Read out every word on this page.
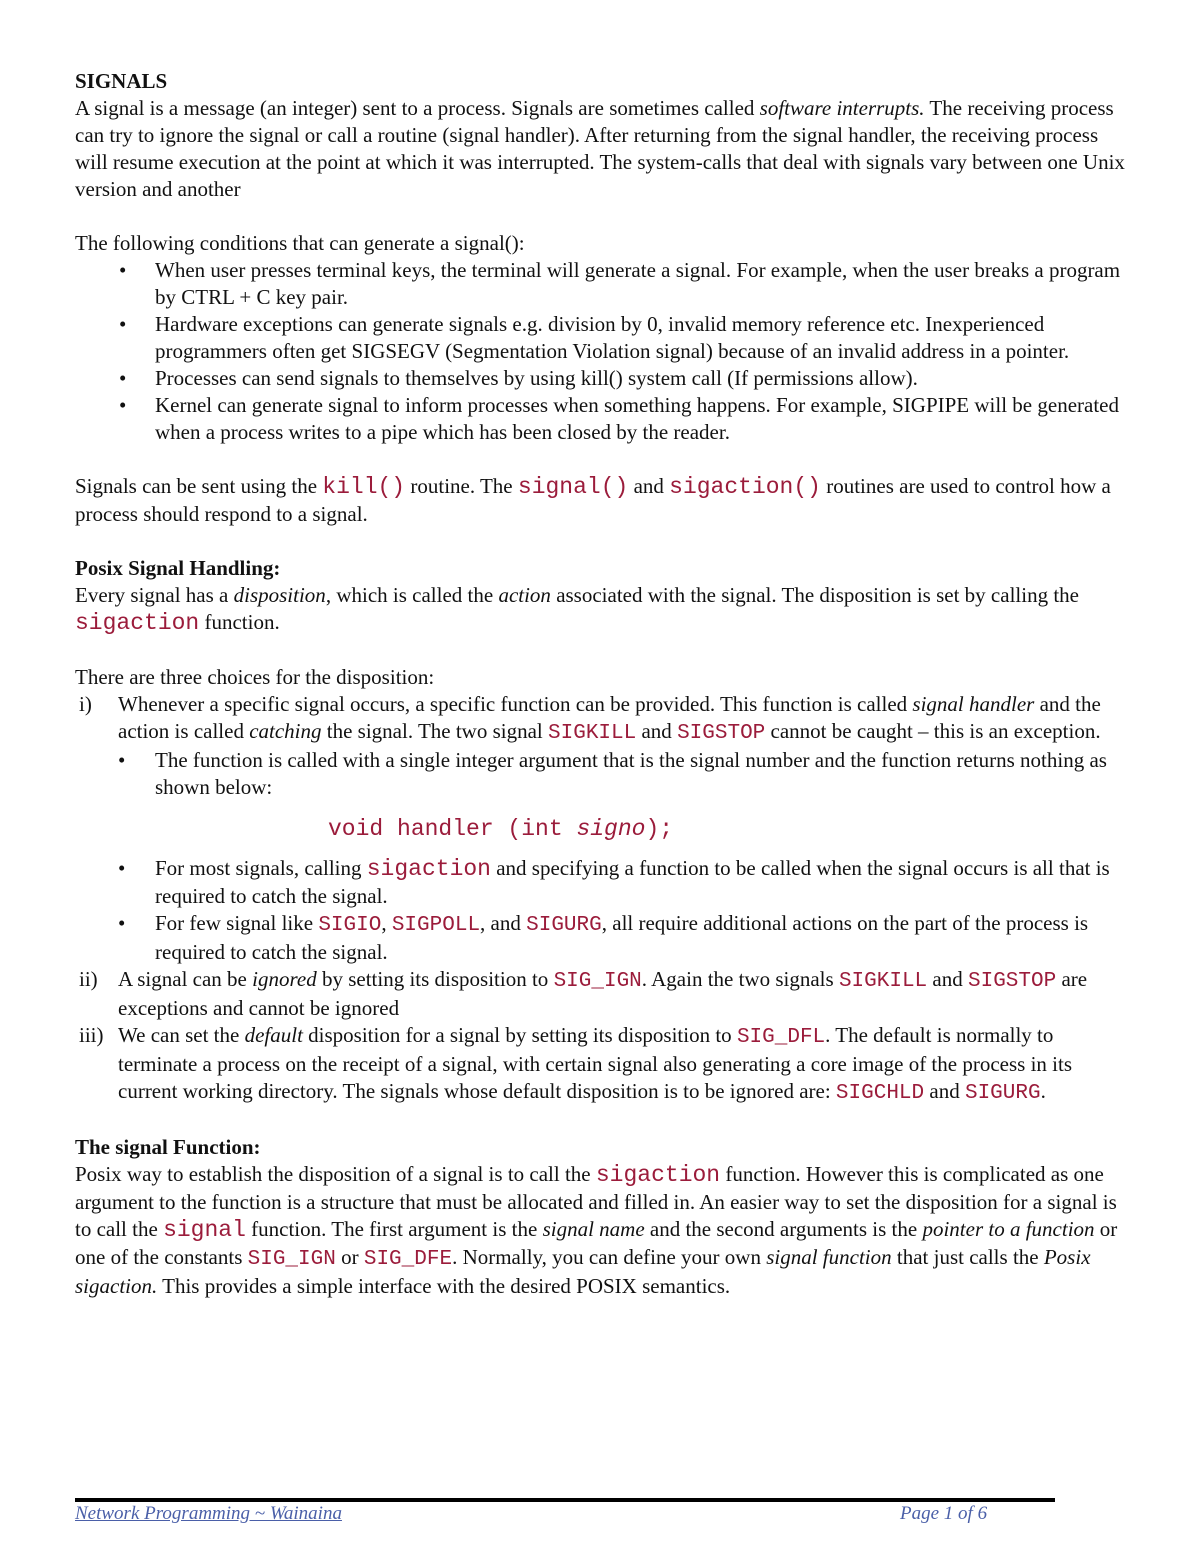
SIGNALS

A signal is a message (an integer) sent to a process. Signals are sometimes called software interrupts. The receiving process can try to ignore the signal or call a routine (signal handler). After returning from the signal handler, the receiving process will resume execution at the point at which it was interrupted. The system-calls that deal with signals vary between one Unix version and another

The following conditions that can generate a signal():

• When user presses terminal keys, the terminal will generate a signal. For example, when the user breaks a program by CTRL + C key pair.
• Hardware exceptions can generate signals e.g. division by 0, invalid memory reference etc. Inexperienced programmers often get SIGSEGV (Segmentation Violation signal) because of an invalid address in a pointer.
• Processes can send signals to themselves by using kill() system call (If permissions allow).
• Kernel can generate signal to inform processes when something happens. For example, SIGPIPE will be generated when a process writes to a pipe which has been closed by the reader.

Signals can be sent using the kill() routine. The signal() and sigaction() routines are used to control how a process should respond to a signal.

Posix Signal Handling:

Every signal has a disposition, which is called the action associated with the signal. The disposition is set by calling the sigaction function.

There are three choices for the disposition:

i)	Whenever a specific signal occurs, a specific function can be provided. This function is called signal handler and the action is called catching the signal. The two signal SIGKILL and SIGSTOP cannot be caught – this is an exception.
• The function is called with a single integer argument that is the signal number and the function returns nothing as shown below:
void handler (int signo);
• For most signals, calling sigaction and specifying a function to be called when the signal occurs is all that is required to catch the signal.
• For few signal like SIGIO, SIGPOLL, and SIGURG, all require additional actions on the part of the process is required to catch the signal.
ii) A signal can be ignored by setting its disposition to SIG_IGN. Again the two signals SIGKILL and SIGSTOP are exceptions and cannot be ignored
iii) We can set the default disposition for a signal by setting its disposition to SIG_DFL. The default is normally to terminate a process on the receipt of a signal, with certain signal also generating a core image of the process in its current working directory. The signals whose default disposition is to be ignored are: SIGCHLD and SIGURG.

The signal Function:

Posix way to establish the disposition of a signal is to call the sigaction function. However this is complicated as one argument to the function is a structure that must be allocated and filled in. An easier way to set the disposition for a signal is to call the signal function. The first argument is the signal name and the second arguments is the pointer to a function or one of the constants SIG_IGN or SIG_DFE. Normally, you can define your own signal function that just calls the Posix sigaction. This provides a simple interface with the desired POSIX semantics.

Network Programming ~ Wainaina	Page 1 of 6
